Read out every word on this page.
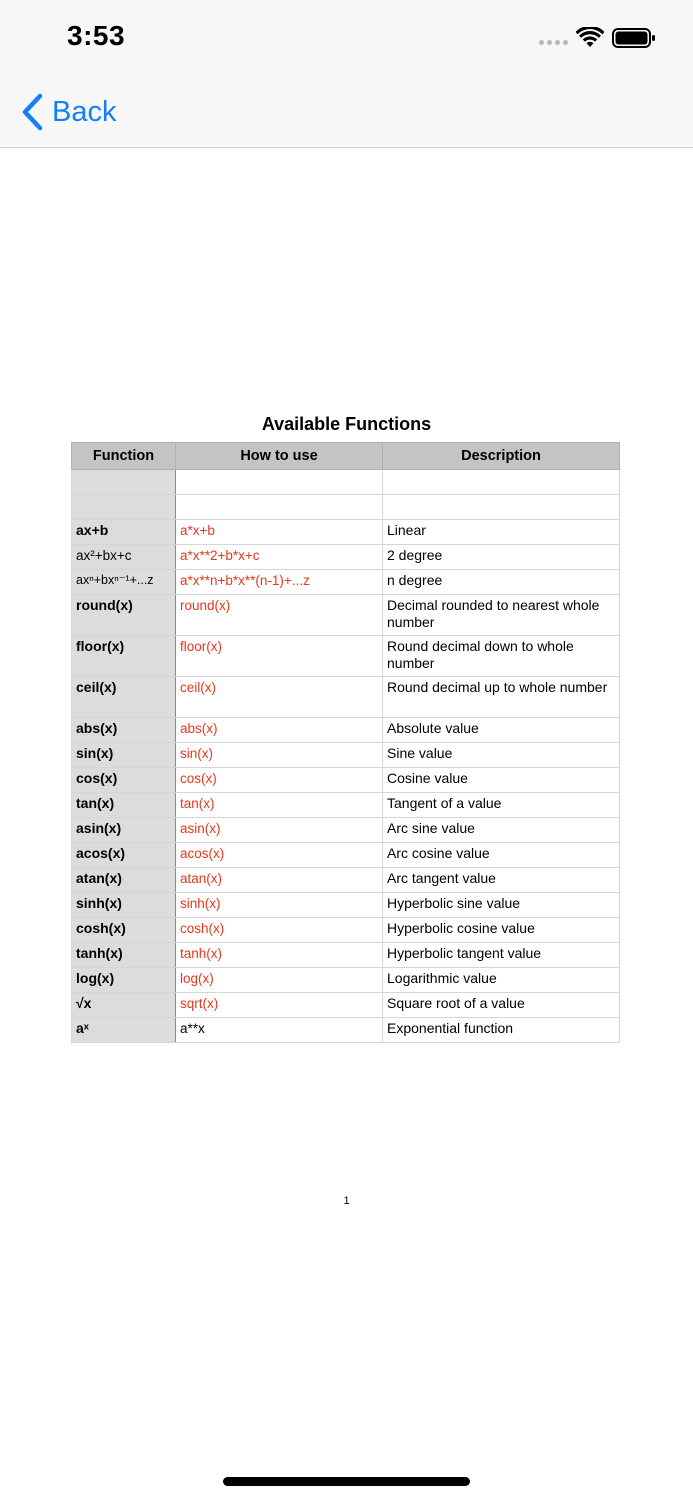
3:53
Back
Available Functions
Function	How to use	Description

ax+b	a*x+b	Linear
ax²+bx+c	a*x**2+b*x+c	2 degree
axⁿ+bxⁿ⁻¹+...z	a*x**n+b*x**(n-1)+...z	n degree
round(x)	round(x)	Decimal rounded to nearest whole number
floor(x)	floor(x)	Round decimal down to whole number
ceil(x)	ceil(x)	Round decimal up to whole number
abs(x)	abs(x)	Absolute value
sin(x)	sin(x)	Sine value
cos(x)	cos(x)	Cosine value
tan(x)	tan(x)	Tangent of a value
asin(x)	asin(x)	Arc sine value
acos(x)	acos(x)	Arc cosine value
atan(x)	atan(x)	Arc tangent value
sinh(x)	sinh(x)	Hyperbolic sine value
cosh(x)	cosh(x)	Hyperbolic cosine value
tanh(x)	tanh(x)	Hyperbolic tangent value
log(x)	log(x)	Logarithmic value
√x	sqrt(x)	Square root of a value
aˣ	a**x	Exponential function
1
